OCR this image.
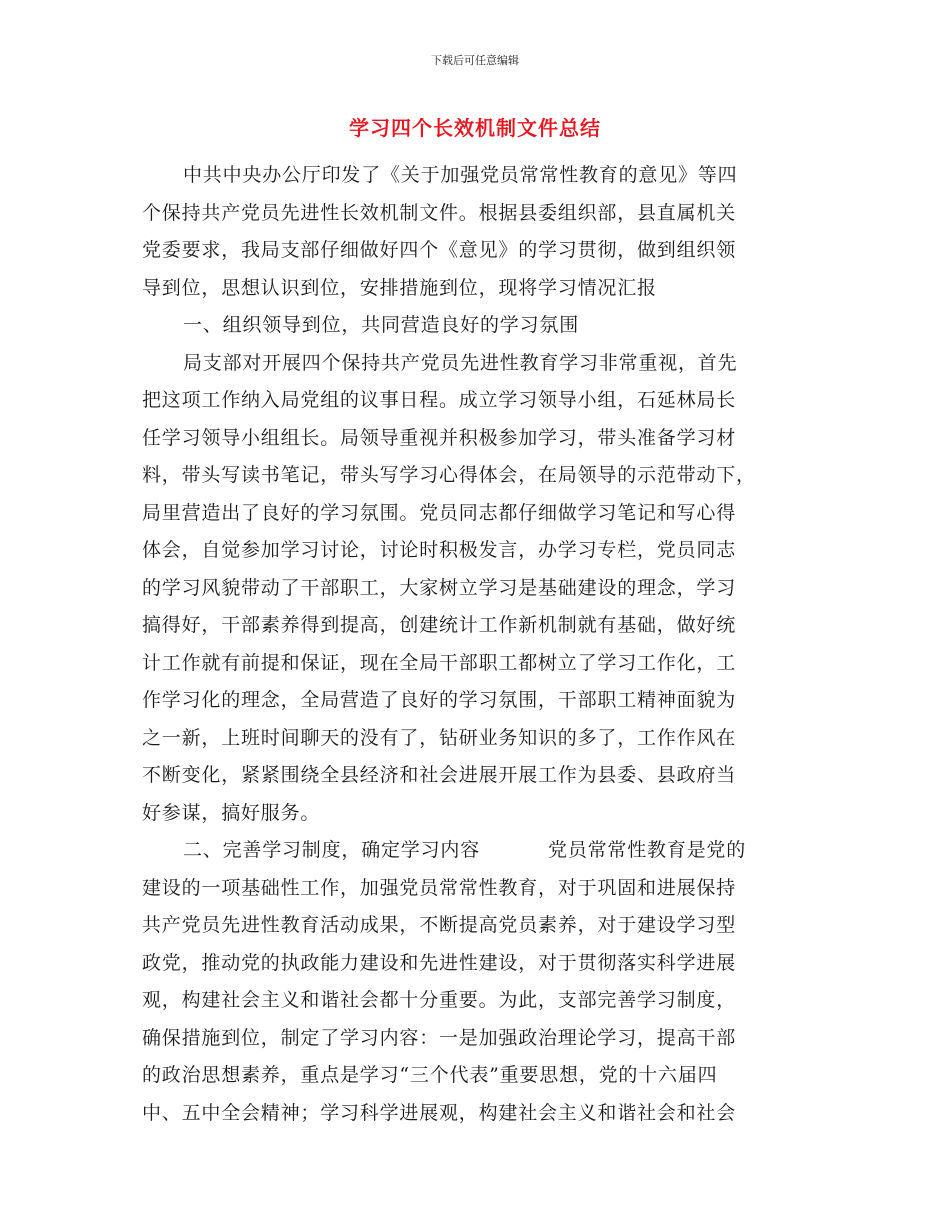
下载后可任意编辑
学习四个长效机制文件总结
中共中央办公厅印发了《关于加强党员常常性教育的意见》等四
个保持共产党员先进性长效机制文件。根据县委组织部，县直属机关
党委要求，我局支部仔细做好四个《意见》的学习贯彻，做到组织领
导到位，思想认识到位，安排措施到位，现将学习情况汇报
一、组织领导到位，共同营造良好的学习氛围
局支部对开展四个保持共产党员先进性教育学习非常重视，首先
把这项工作纳入局党组的议事日程。成立学习领导小组，石延林局长
任学习领导小组组长。局领导重视并积极参加学习，带头准备学习材
料，带头写读书笔记，带头写学习心得体会，在局领导的示范带动下，
局里营造出了良好的学习氛围。党员同志都仔细做学习笔记和写心得
体会，自觉参加学习讨论，讨论时积极发言，办学习专栏，党员同志
的学习风貌带动了干部职工，大家树立学习是基础建设的理念，学习
搞得好，干部素养得到提高，创建统计工作新机制就有基础，做好统
计工作就有前提和保证，现在全局干部职工都树立了学习工作化，工
作学习化的理念，全局营造了良好的学习氛围，干部职工精神面貌为
之一新，上班时间聊天的没有了，钻研业务知识的多了，工作作风在
不断变化，紧紧围绕全县经济和社会进展开展工作为县委、县政府当
好参谋，搞好服务。
二、完善学习制度，确定学习内容	党员常常性教育是党的
建设的一项基础性工作，加强党员常常性教育，对于巩固和进展保持
共产党员先进性教育活动成果，不断提高党员素养，对于建设学习型
政党，推动党的执政能力建设和先进性建设，对于贯彻落实科学进展
观，构建社会主义和谐社会都十分重要。为此，支部完善学习制度，
确保措施到位，制定了学习内容：一是加强政治理论学习，提高干部
的政治思想素养，重点是学习“三个代表”重要思想，党的十六届四
中、五中全会精神；学习科学进展观，构建社会主义和谐社会和社会
